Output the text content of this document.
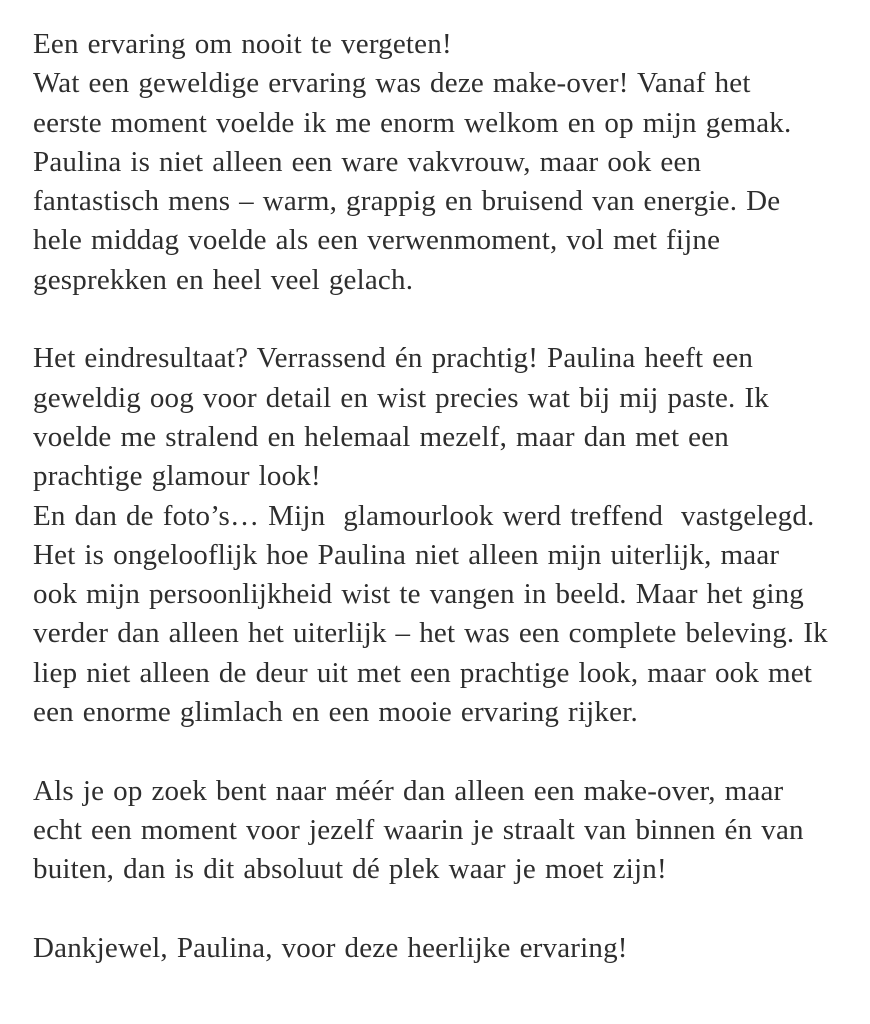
Een ervaring om nooit te vergeten!
Wat een geweldige ervaring was deze make-over! Vanaf het
eerste moment voelde ik me enorm welkom en op mijn gemak.
Paulina is niet alleen een ware vakvrouw, maar ook een
fantastisch mens – warm, grappig en bruisend van energie. De
hele middag voelde als een verwenmoment, vol met fijne
gesprekken en heel veel gelach.
Het eindresultaat? Verrassend én prachtig! Paulina heeft een
geweldig oog voor detail en wist precies wat bij mij paste. Ik
voelde me stralend en helemaal mezelf, maar dan met een
prachtige glamour look!
En dan de foto’s… Mijn  glamourlook werd treffend  vastgelegd.
Het is ongelooflijk hoe Paulina niet alleen mijn uiterlijk, maar
ook mijn persoonlijkheid wist te vangen in beeld. Maar het ging
verder dan alleen het uiterlijk – het was een complete beleving. Ik
liep niet alleen de deur uit met een prachtige look, maar ook met
een enorme glimlach en een mooie ervaring rijker.
Als je op zoek bent naar méér dan alleen een make-over, maar
echt een moment voor jezelf waarin je straalt van binnen én van
buiten, dan is dit absoluut dé plek waar je moet zijn!
Dankjewel, Paulina, voor deze heerlijke ervaring!
